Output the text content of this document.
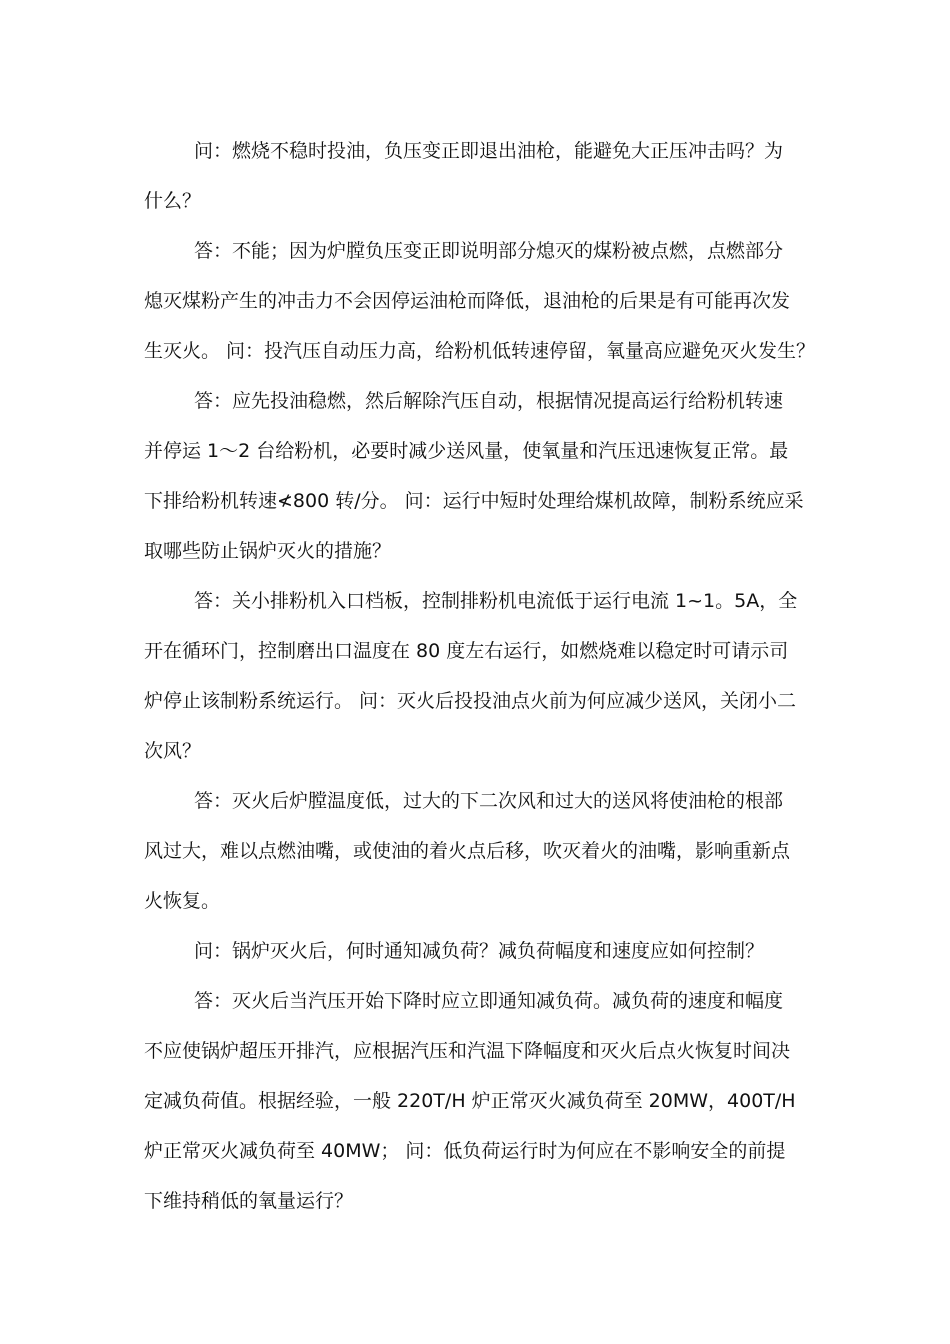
问：燃烧不稳时投油，负压变正即退出油枪，能避免大正压冲击吗？为
什么？

答：不能；因为炉膛负压变正即说明部分熄灭的煤粉被点燃，点燃部分
熄灭煤粉产生的冲击力不会因停运油枪而降低，退油枪的后果是有可能再次发
生灭火。 问：投汽压自动压力高，给粉机低转速停留，氧量高应避免灭火发生？

答：应先投油稳燃，然后解除汽压自动，根据情况提高运行给粉机转速
并停运 1～2 台给粉机，必要时减少送风量，使氧量和汽压迅速恢复正常。最
下排给粉机转速≮800 转/分。 问：运行中短时处理给煤机故障，制粉系统应采
取哪些防止锅炉灭火的措施？

答：关小排粉机入口档板，控制排粉机电流低于运行电流 1~1。5A，全
开在循环门，控制磨出口温度在 80 度左右运行，如燃烧难以稳定时可请示司
炉停止该制粉系统运行。 问：灭火后投投油点火前为何应减少送风，关闭小二
次风？

答：灭火后炉膛温度低，过大的下二次风和过大的送风将使油枪的根部
风过大，难以点燃油嘴，或使油的着火点后移，吹灭着火的油嘴，影响重新点
火恢复。

问：锅炉灭火后，何时通知减负荷？减负荷幅度和速度应如何控制？

答：灭火后当汽压开始下降时应立即通知减负荷。减负荷的速度和幅度
不应使锅炉超压开排汽，应根据汽压和汽温下降幅度和灭火后点火恢复时间决
定减负荷值。根据经验，一般 220T/H 炉正常灭火减负荷至 20MW，400T/H
炉正常灭火减负荷至 40MW； 问：低负荷运行时为何应在不影响安全的前提
下维持稍低的氧量运行？
